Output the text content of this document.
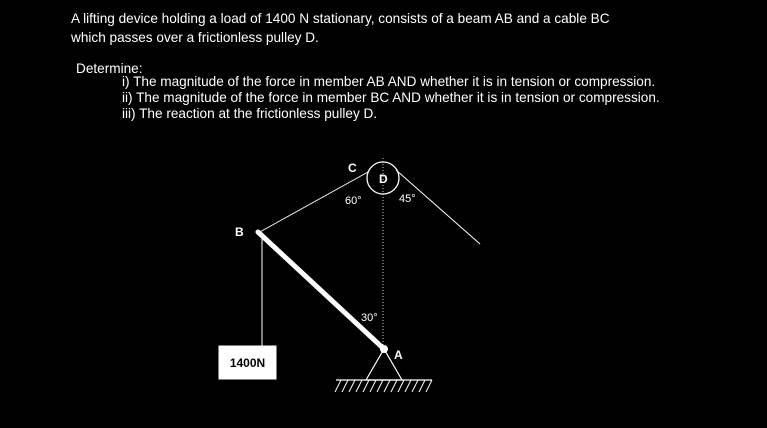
A lifting device holding a load of 1400 N stationary, consists of a beam AB and a cable BC

which passes over a frictionless pulley D.

Determine:
i) The magnitude of the force in member AB AND whether it is in tension or compression.
ii) The magnitude of the force in member BC AND whether it is in tension or compression.
iii) The reaction at the frictionless pulley D.
1400N
C
D
B
A
60°	45°
30°
